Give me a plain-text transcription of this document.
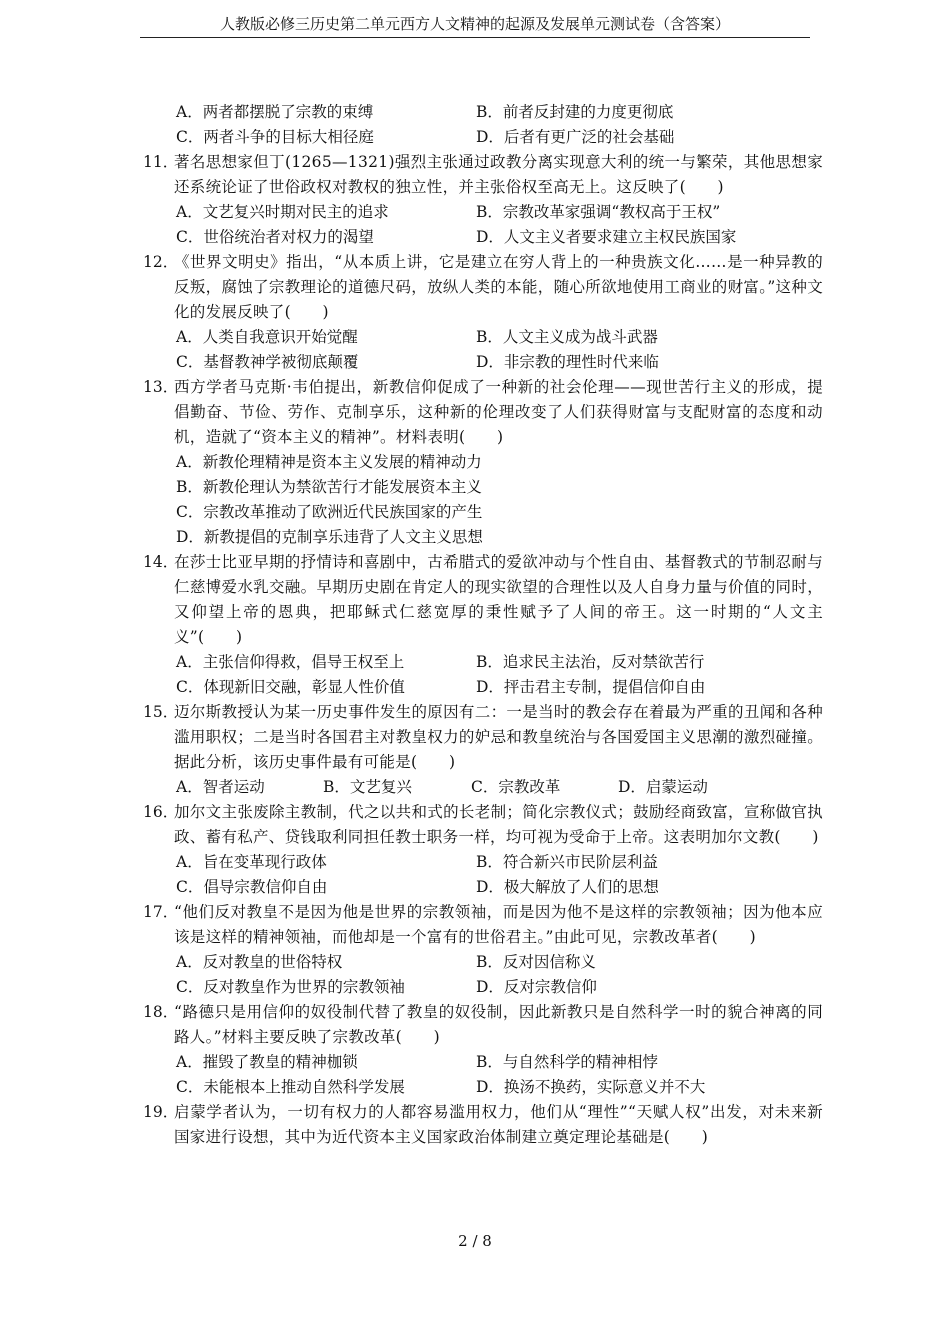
人教版必修三历史第二单元西方人文精神的起源及发展单元测试卷（含答案）
A．两者都摆脱了宗教的束缚	B．前者反封建的力度更彻底
C．两者斗争的目标大相径庭	D．后者有更广泛的社会基础
11．
著名思想家但丁(1265—1321)强烈主张通过政教分离实现意大利的统一与繁荣，其他思想家还系统论证了世俗政权对教权的独立性，并主张俗权至高无上。这反映了(　　)
A．文艺复兴时期对民主的追求	B．宗教改革家强调“教权高于王权”
C．世俗统治者对权力的渴望	D．人文主义者要求建立主权民族国家
12．
《世界文明史》指出，“从本质上讲，它是建立在穷人背上的一种贵族文化……是一种异教的反叛，腐蚀了宗教理论的道德尺码，放纵人类的本能，随心所欲地使用工商业的财富。”这种文化的发展反映了(　　)
A．人类自我意识开始觉醒	B．人文主义成为战斗武器
C．基督教神学被彻底颠覆	D．非宗教的理性时代来临
13．
西方学者马克斯·韦伯提出，新教信仰促成了一种新的社会伦理——现世苦行主义的形成，提倡勤奋、节俭、劳作、克制享乐，这种新的伦理改变了人们获得财富与支配财富的态度和动机，造就了“资本主义的精神”。材料表明(　　)
A．新教伦理精神是资本主义发展的精神动力
B．新教伦理认为禁欲苦行才能发展资本主义
C．宗教改革推动了欧洲近代民族国家的产生
D．新教提倡的克制享乐违背了人文主义思想
14．
在莎士比亚早期的抒情诗和喜剧中，古希腊式的爱欲冲动与个性自由、基督教式的节制忍耐与仁慈博爱水乳交融。早期历史剧在肯定人的现实欲望的合理性以及人自身力量与价值的同时，又仰望上帝的恩典，把耶稣式仁慈宽厚的秉性赋予了人间的帝王。这一时期的“人文主义”(　　)
A．主张信仰得救，倡导王权至上	B．追求民主法治，反对禁欲苦行
C．体现新旧交融，彰显人性价值	D．抨击君主专制，提倡信仰自由
15．
迈尔斯教授认为某一历史事件发生的原因有二：一是当时的教会存在着最为严重的丑闻和各种滥用职权；二是当时各国君主对教皇权力的妒忌和教皇统治与各国爱国主义思潮的激烈碰撞。据此分析，该历史事件最有可能是(　　)
A．智者运动	B．文艺复兴	C．宗教改革	D．启蒙运动
16．
加尔文主张废除主教制，代之以共和式的长老制；简化宗教仪式；鼓励经商致富，宣称做官执政、蓄有私产、贷钱取利同担任教士职务一样，均可视为受命于上帝。这表明加尔文教(　　)
A．旨在变革现行政体	B．符合新兴市民阶层利益
C．倡导宗教信仰自由	D．极大解放了人们的思想
17．
“他们反对教皇不是因为他是世界的宗教领袖，而是因为他不是这样的宗教领袖；因为他本应该是这样的精神领袖，而他却是一个富有的世俗君主。”由此可见，宗教改革者(　　)
A．反对教皇的世俗特权	B．反对因信称义
C．反对教皇作为世界的宗教领袖	D．反对宗教信仰
18．
“路德只是用信仰的奴役制代替了教皇的奴役制，因此新教只是自然科学一时的貌合神离的同路人。”材料主要反映了宗教改革(　　)
A．摧毁了教皇的精神枷锁	B．与自然科学的精神相悖
C．未能根本上推动自然科学发展	D．换汤不换药，实际意义并不大
19．
启蒙学者认为，一切有权力的人都容易滥用权力，他们从“理性”“天赋人权”出发，对未来新国家进行设想，其中为近代资本主义国家政治体制建立奠定理论基础是(　　)
2 / 8
